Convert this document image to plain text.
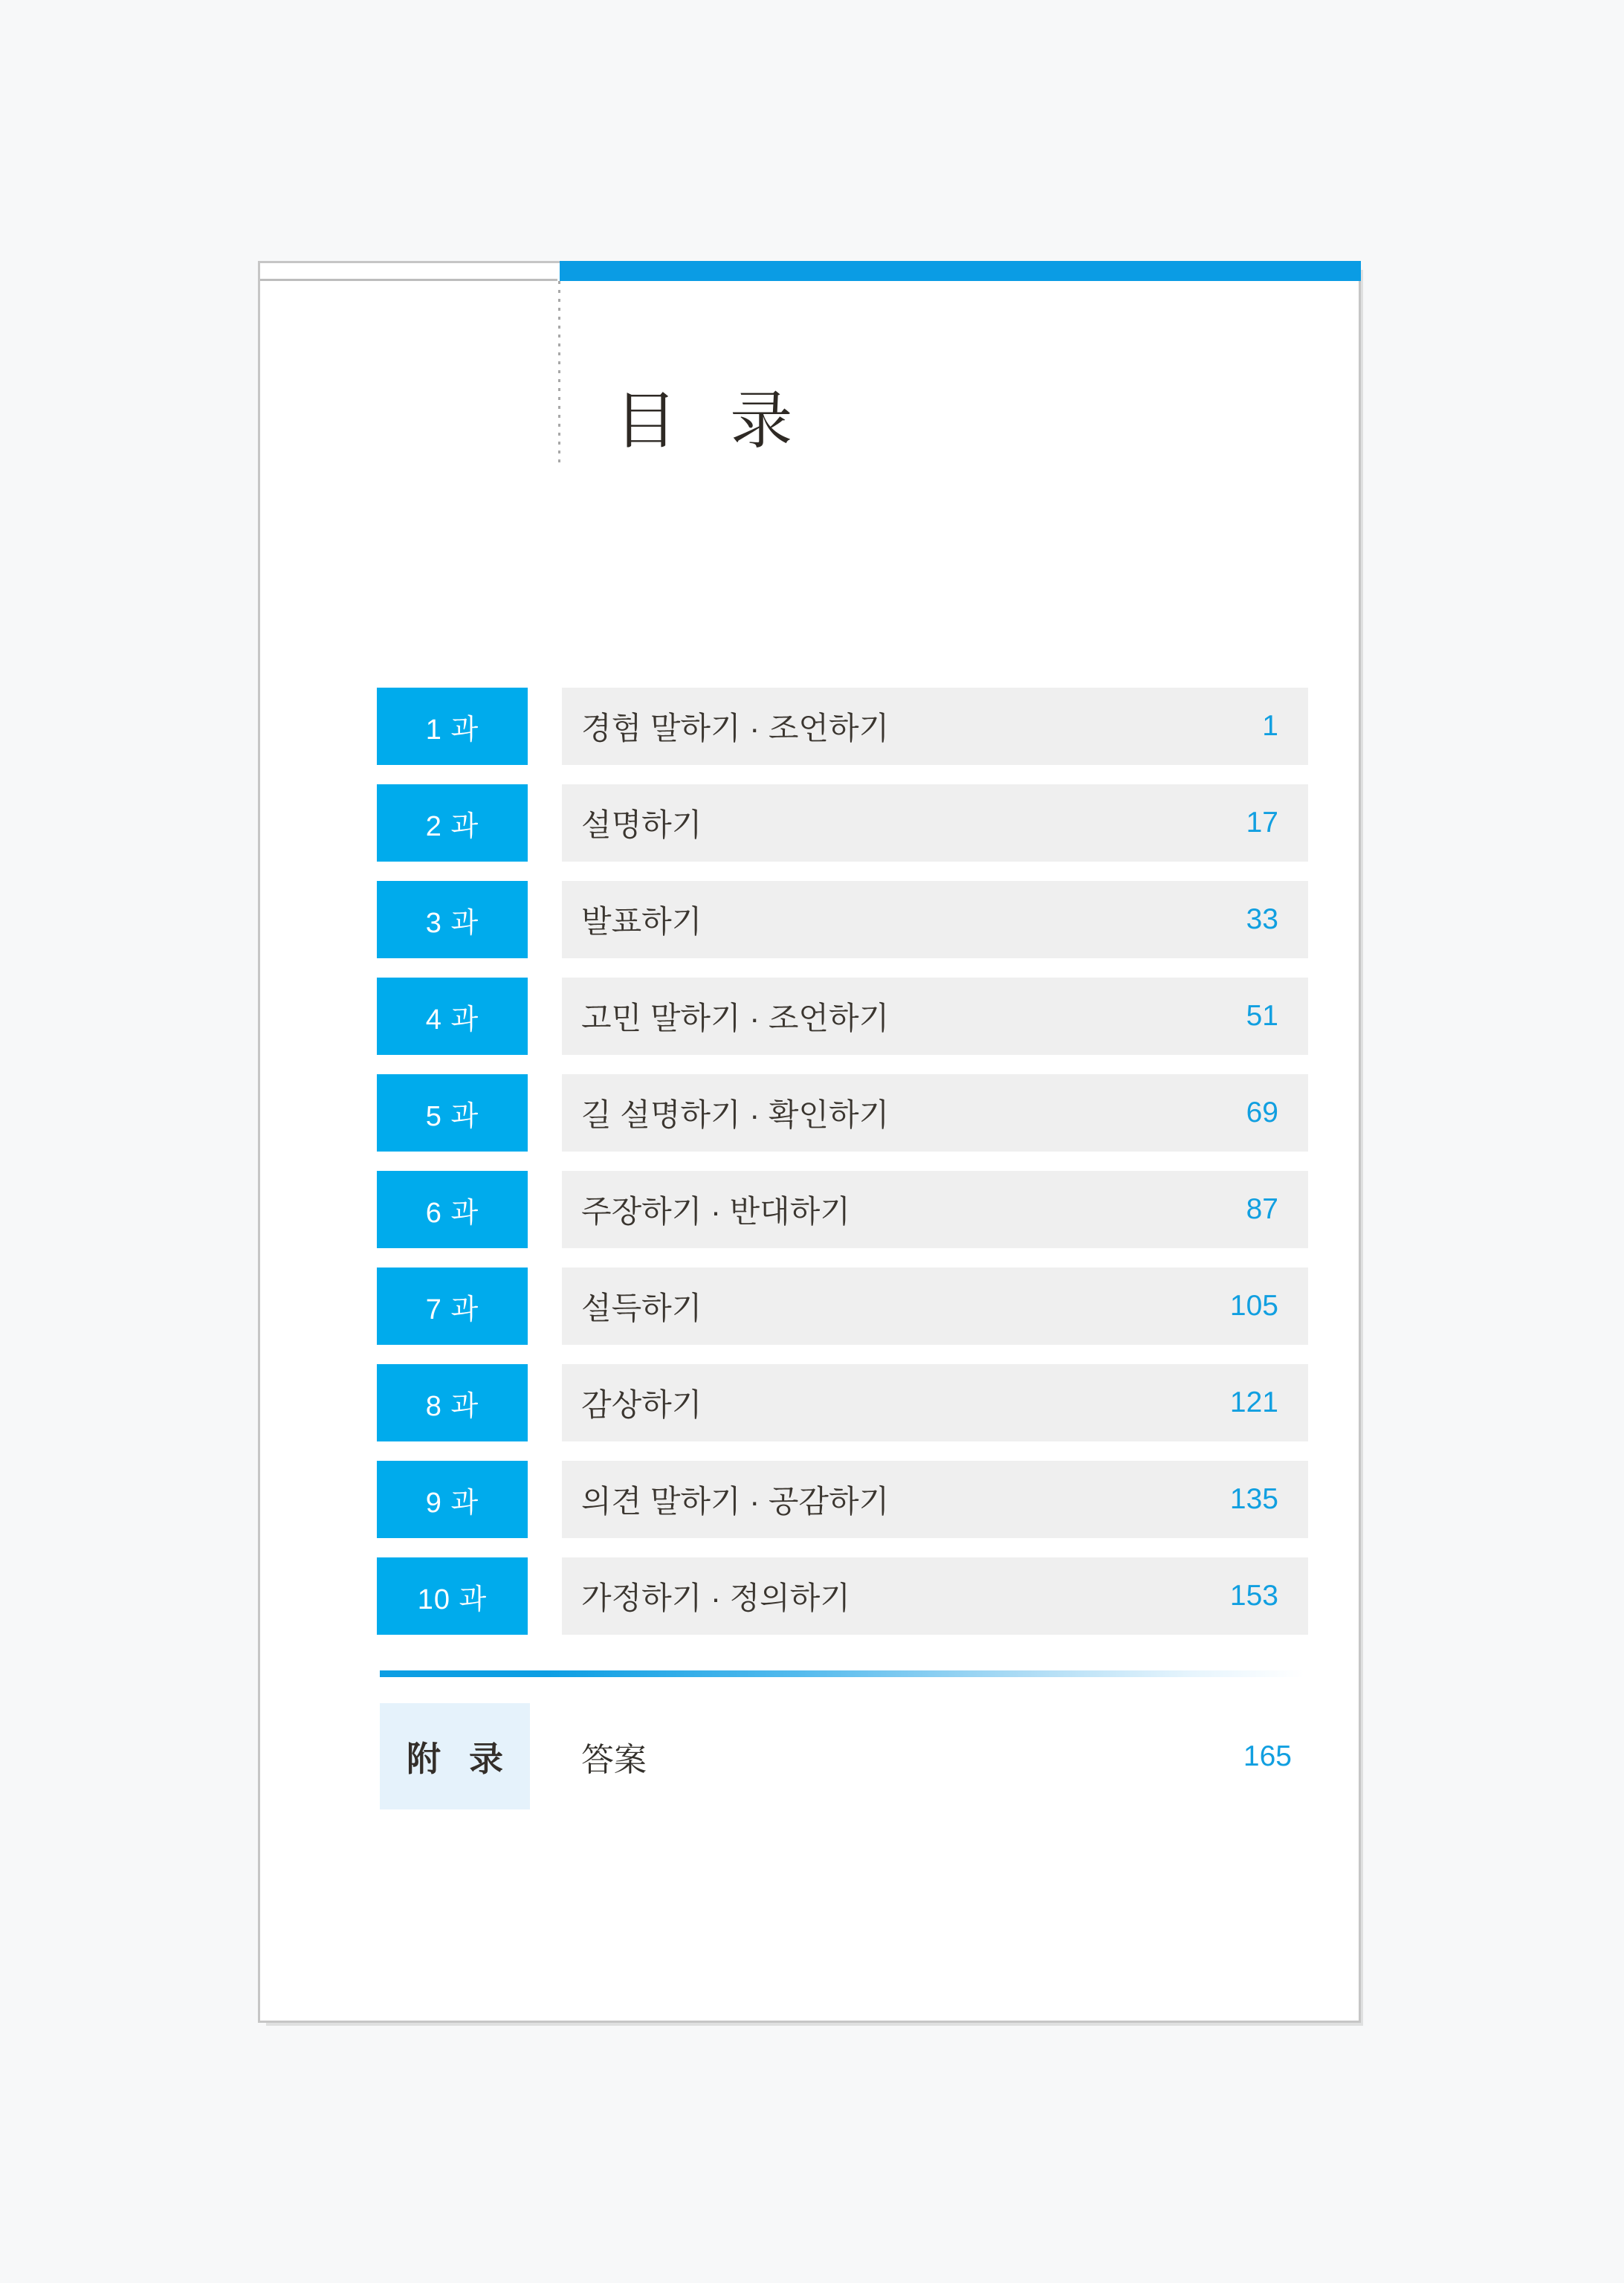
目 录
1 과	경험 말하기 · 조언하기	1
2 과	설명하기	17
3 과	발표하기	33
4 과	고민 말하기 · 조언하기	51
5 과	길 설명하기 · 확인하기	69
6 과	주장하기 · 반대하기	87
7 과	설득하기	105
8 과	감상하기	121
9 과	의견 말하기 · 공감하기	135
10 과	가정하기 · 정의하기	153
附 录	答案	165
